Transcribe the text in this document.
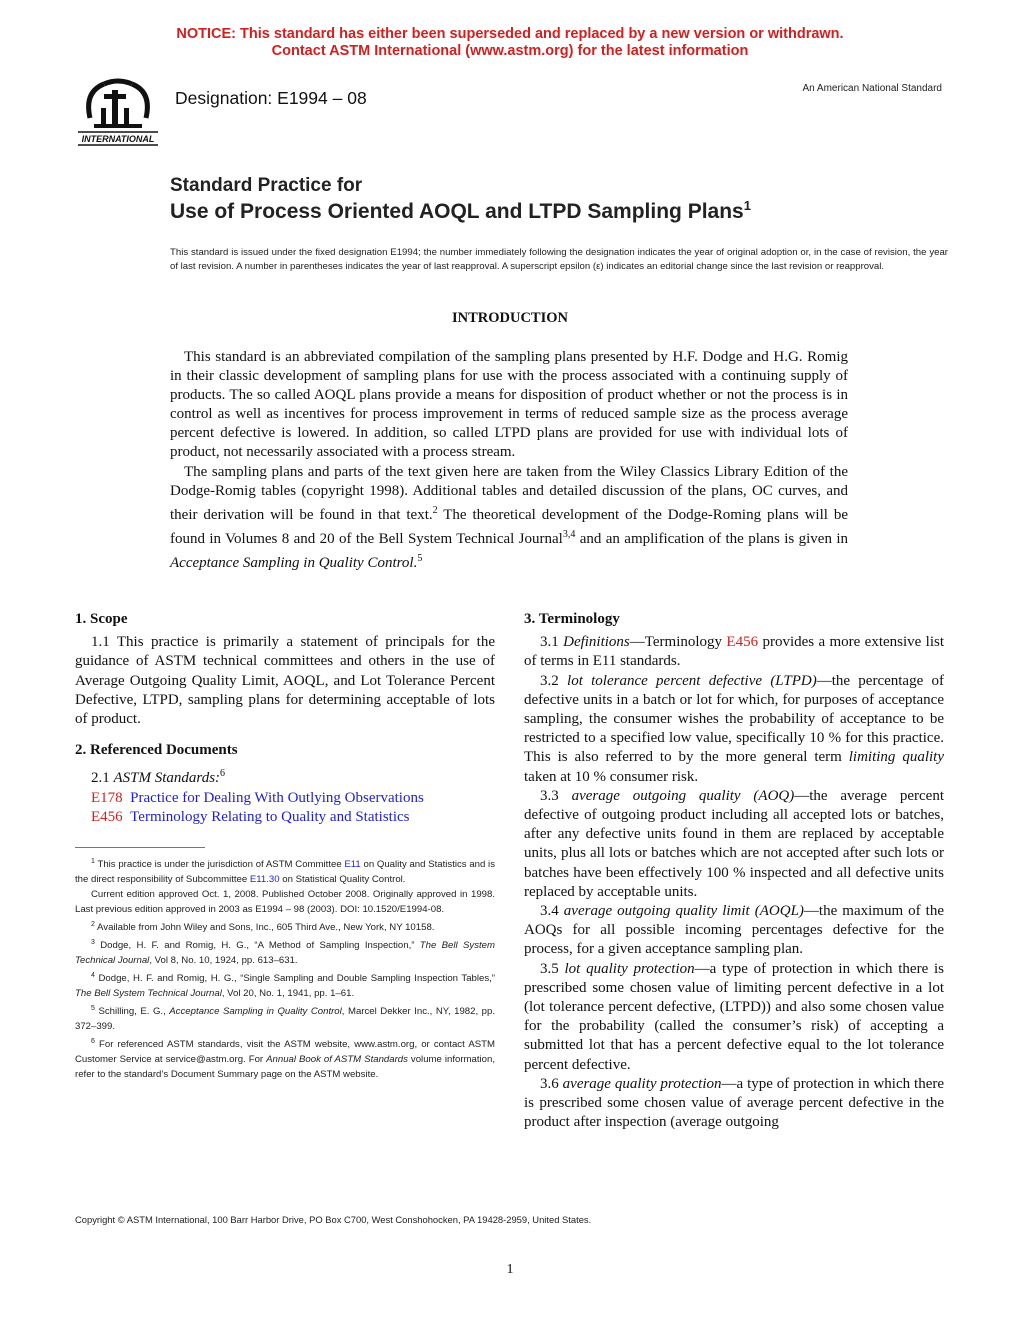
NOTICE: This standard has either been superseded and replaced by a new version or withdrawn.
Contact ASTM International (www.astm.org) for the latest information
INTERNATIONAL
Designation: E1994 – 08	An American National Standard
Standard Practice for
Use of Process Oriented AOQL and LTPD Sampling Plans$^1$
This standard is issued under the fixed designation E1994; the number immediately following the designation indicates the year of original adoption or, in the case of revision, the year of last revision. A number in parentheses indicates the year of last reapproval. A superscript epsilon (ε) indicates an editorial change since the last revision or reapproval.
INTRODUCTION

This standard is an abbreviated compilation of the sampling plans presented by H.F. Dodge and H.G. Romig in their classic development of sampling plans for use with the process associated with a continuing supply of products. The so called AOQL plans provide a means for disposition of product whether or not the process is in control as well as incentives for process improvement in terms of reduced sample size as the process average percent defective is lowered. In addition, so called LTPD plans are provided for use with individual lots of product, not necessarily associated with a process stream.

The sampling plans and parts of the text given here are taken from the Wiley Classics Library Edition of the Dodge-Romig tables (copyright 1998). Additional tables and detailed discussion of the plans, OC curves, and their derivation will be found in that text.$^2$ The theoretical development of the Dodge-Roming plans will be found in Volumes 8 and 20 of the Bell System Technical Journal$^{3,4}$ and an amplification of the plans is given in Acceptance Sampling in Quality Control.$^5$

1. Scope

1.1 This practice is primarily a statement of principals for the guidance of ASTM technical committees and others in the use of Average Outgoing Quality Limit, AOQL, and Lot Tolerance Percent Defective, LTPD, sampling plans for determining acceptable of lots of product.

2. Referenced Documents

2.1 ASTM Standards:$^6$

E178 Practice for Dealing With Outlying Observations
E456 Terminology Relating to Quality and Statistics

$^1$ This practice is under the jurisdiction of ASTM Committee E11 on Quality and Statistics and is the direct responsibility of Subcommittee E11.30 on Statistical Quality Control.

Current edition approved Oct. 1, 2008. Published October 2008. Originally approved in 1998. Last previous edition approved in 2003 as E1994 – 98 (2003). DOI: 10.1520/E1994-08.

$^2$ Available from John Wiley and Sons, Inc., 605 Third Ave., New York, NY 10158.

$^3$ Dodge, H. F. and Romig, H. G., “A Method of Sampling Inspection,” The Bell System Technical Journal, Vol 8, No. 10, 1924, pp. 613–631.

$^4$ Dodge, H. F. and Romig, H. G., “Single Sampling and Double Sampling Inspection Tables,” The Bell System Technical Journal, Vol 20, No. 1, 1941, pp. 1–61.

$^5$ Schilling, E. G., Acceptance Sampling in Quality Control, Marcel Dekker Inc., NY, 1982, pp. 372–399.

$^6$ For referenced ASTM standards, visit the ASTM website, www.astm.org, or contact ASTM Customer Service at service@astm.org. For Annual Book of ASTM Standards volume information, refer to the standard’s Document Summary page on the ASTM website.

3. Terminology

3.1 Definitions—Terminology E456 provides a more extensive list of terms in E11 standards.

3.2 lot tolerance percent defective (LTPD)—the percentage of defective units in a batch or lot for which, for purposes of acceptance sampling, the consumer wishes the probability of acceptance to be restricted to a specified low value, specifically 10 % for this practice. This is also referred to by the more general term limiting quality taken at 10 % consumer risk.

3.3 average outgoing quality (AOQ)—the average percent defective of outgoing product including all accepted lots or batches, after any defective units found in them are replaced by acceptable units, plus all lots or batches which are not accepted after such lots or batches have been effectively 100 % inspected and all defective units replaced by acceptable units.

3.4 average outgoing quality limit (AOQL)—the maximum of the AOQs for all possible incoming percentages defective for the process, for a given acceptance sampling plan.

3.5 lot quality protection—a type of protection in which there is prescribed some chosen value of limiting percent defective in a lot (lot tolerance percent defective, (LTPD)) and also some chosen value for the probability (called the consumer’s risk) of accepting a submitted lot that has a percent defective equal to the lot tolerance percent defective.

3.6 average quality protection—a type of protection in which there is prescribed some chosen value of average percent defective in the product after inspection (average outgoing

Copyright © ASTM International, 100 Barr Harbor Drive, PO Box C700, West Conshohocken, PA 19428-2959, United States.
1
